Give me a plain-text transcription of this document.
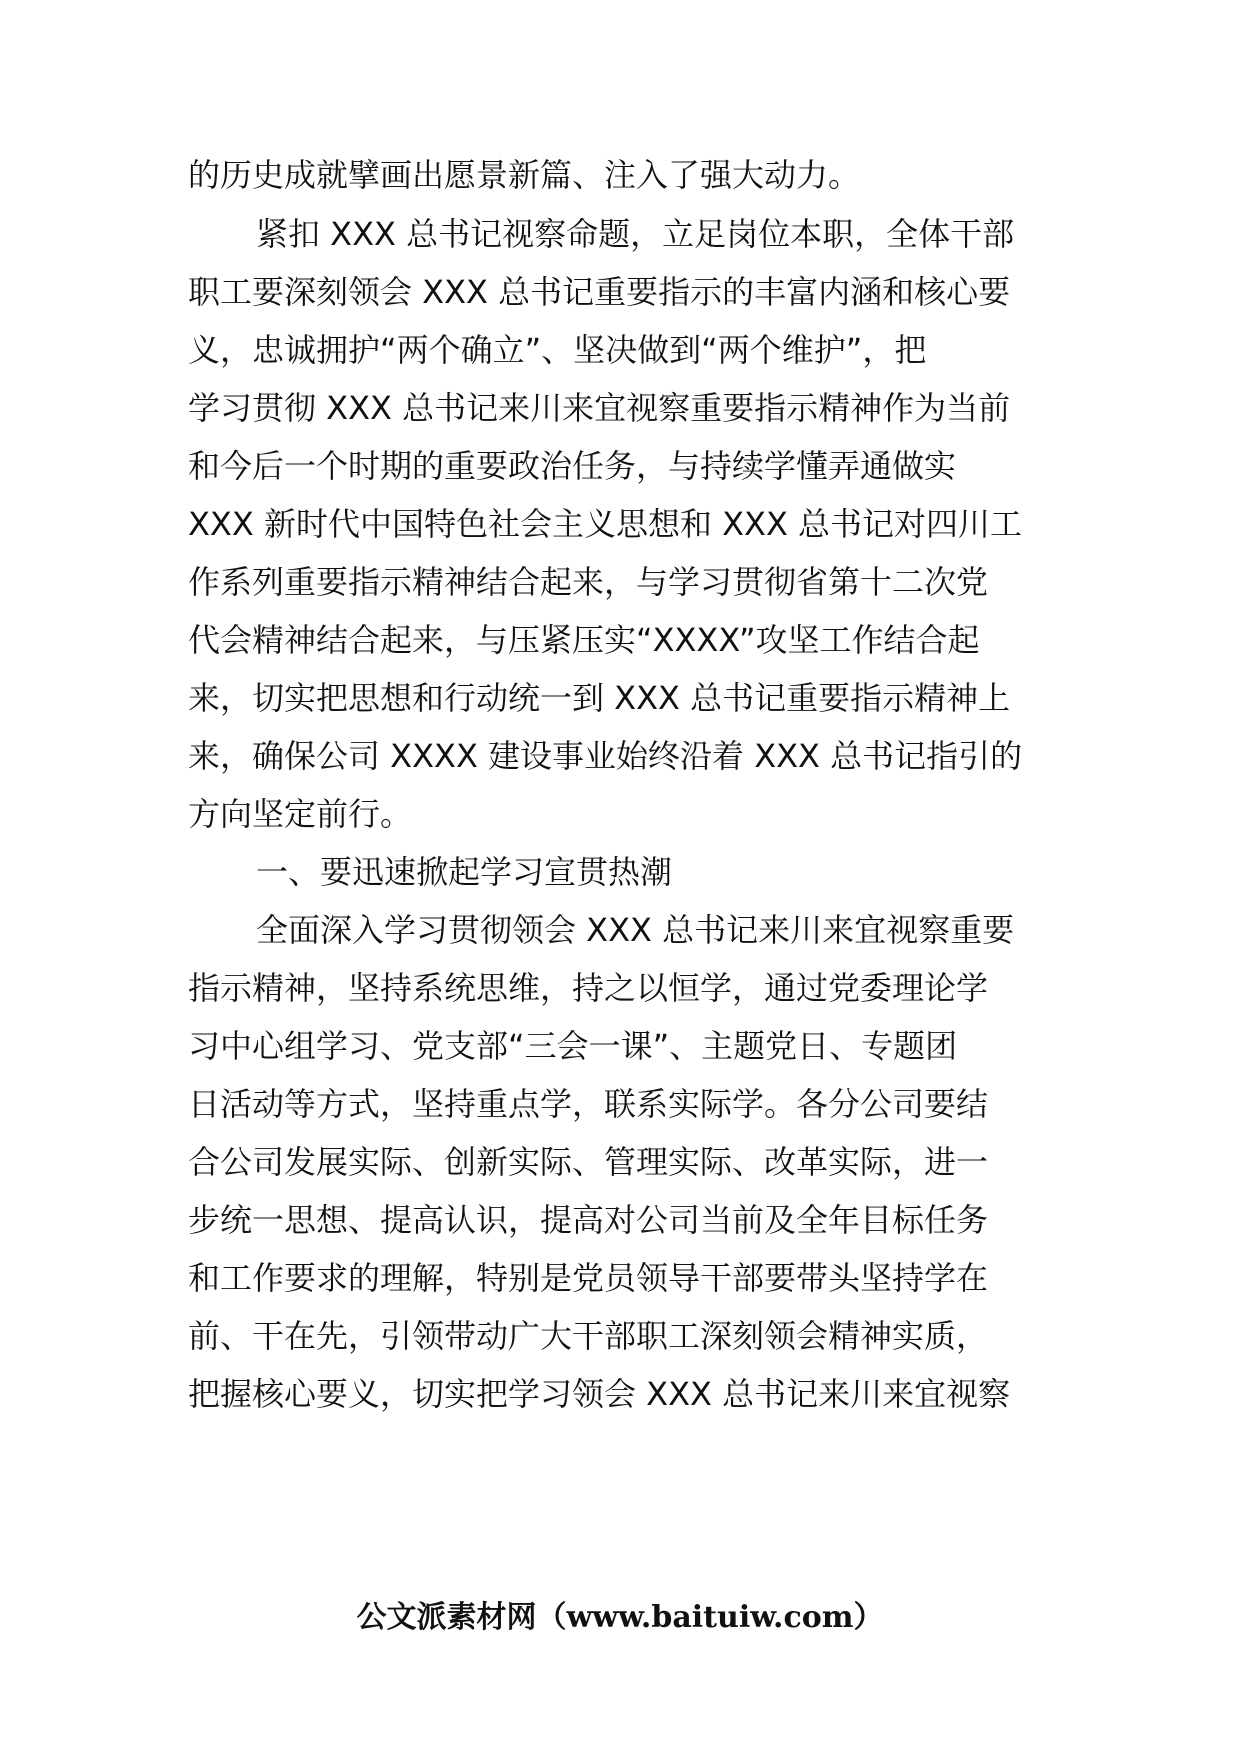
的历史成就擘画出愿景新篇、注入了强大动力。
紧扣 XXX 总书记视察命题，立足岗位本职，全体干部
职工要深刻领会 XXX 总书记重要指示的丰富内涵和核心要
义，忠诚拥护“两个确立”、坚决做到“两个维护”，把
学习贯彻 XXX 总书记来川来宜视察重要指示精神作为当前
和今后一个时期的重要政治任务，与持续学懂弄通做实
XXX 新时代中国特色社会主义思想和 XXX 总书记对四川工
作系列重要指示精神结合起来，与学习贯彻省第十二次党
代会精神结合起来，与压紧压实“XXXX”攻坚工作结合起
来，切实把思想和行动统一到 XXX 总书记重要指示精神上
来，确保公司 XXXX 建设事业始终沿着 XXX 总书记指引的
方向坚定前行。
一、要迅速掀起学习宣贯热潮
全面深入学习贯彻领会 XXX 总书记来川来宜视察重要
指示精神，坚持系统思维，持之以恒学，通过党委理论学
习中心组学习、党支部“三会一课”、主题党日、专题团
日活动等方式，坚持重点学，联系实际学。各分公司要结
合公司发展实际、创新实际、管理实际、改革实际，进一
步统一思想、提高认识，提高对公司当前及全年目标任务
和工作要求的理解，特别是党员领导干部要带头坚持学在
前、干在先，引领带动广大干部职工深刻领会精神实质，
把握核心要义，切实把学习领会 XXX 总书记来川来宜视察
公文派素材网（www.baituiw.com）
